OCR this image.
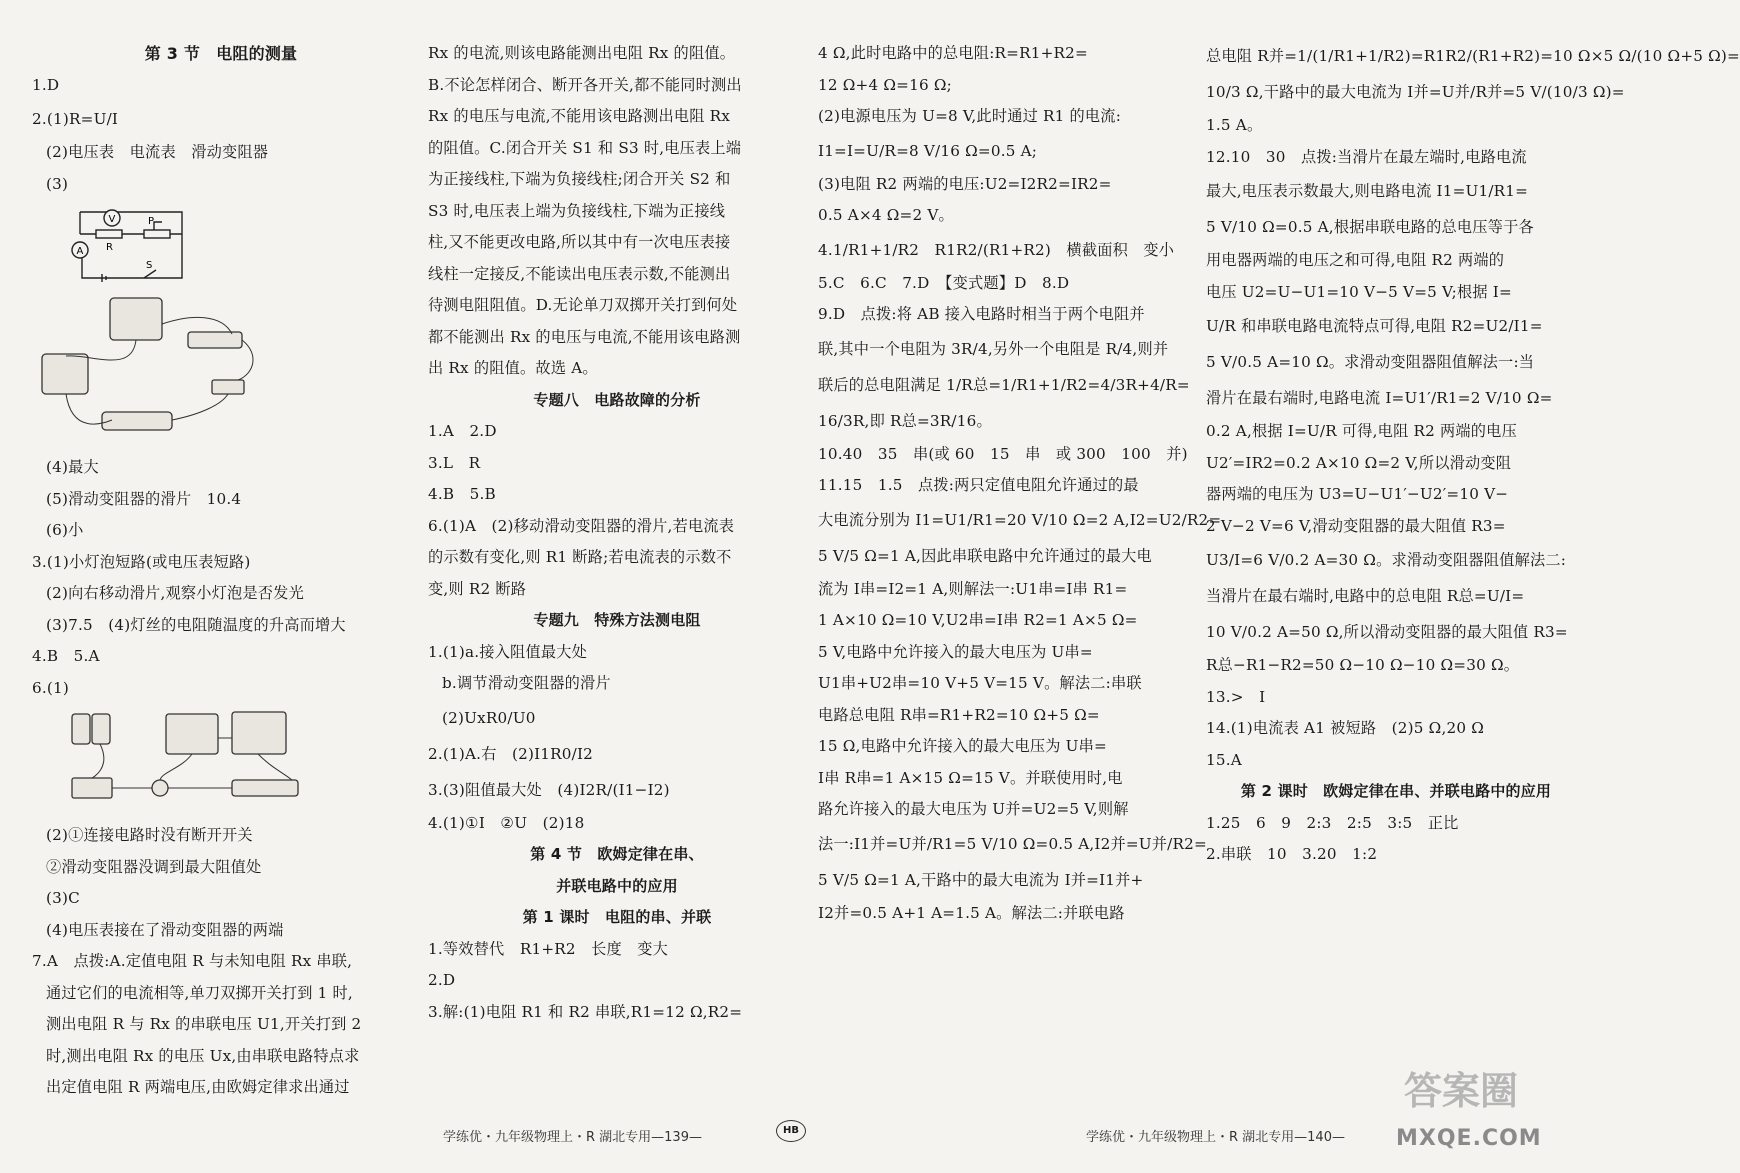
第 3 节　电阻的测量
1.D
2.(1)R=U/I
(2)电压表　电流表　滑动变阻器
(3)
V	P
R
A
S
(4)最大
(5)滑动变阻器的滑片　10.4
(6)小
3.(1)小灯泡短路(或电压表短路)
(2)向右移动滑片,观察小灯泡是否发光
(3)7.5　(4)灯丝的电阻随温度的升高而增大
4.B　5.A
6.(1)
(2)①连接电路时没有断开开关
②滑动变阻器没调到最大阻值处
(3)C
(4)电压表接在了滑动变阻器的两端
7.A　点拨:A.定值电阻 R 与未知电阻 Rx 串联,
通过它们的电流相等,单刀双掷开关打到 1 时,
测出电阻 R 与 Rx 的串联电压 U1,开关打到 2
时,测出电阻 Rx 的电压 Ux,由串联电路特点求
出定值电阻 R 两端电压,由欧姆定律求出通过
Rx 的电流,则该电路能测出电阻 Rx 的阻值。
B.不论怎样闭合、断开各开关,都不能同时测出
Rx 的电压与电流,不能用该电路测出电阻 Rx
的阻值。C.闭合开关 S1 和 S3 时,电压表上端
为正接线柱,下端为负接线柱;闭合开关 S2 和
S3 时,电压表上端为负接线柱,下端为正接线
柱,又不能更改电路,所以其中有一次电压表接
线柱一定接反,不能读出电压表示数,不能测出
待测电阻阻值。D.无论单刀双掷开关打到何处
都不能测出 Rx 的电压与电流,不能用该电路测
出 Rx 的阻值。故选 A。
专题八　电路故障的分析
1.A　2.D
3.L　R
4.B　5.B
6.(1)A　(2)移动滑动变阻器的滑片,若电流表
的示数有变化,则 R1 断路;若电流表的示数不
变,则 R2 断路
专题九　特殊方法测电阻
1.(1)a.接入阻值最大处
b.调节滑动变阻器的滑片
(2)UxR0/U0
2.(1)A.右　(2)I1R0/I2
3.(3)阻值最大处　(4)I2R/(I1−I2)
4.(1)①I　②U　(2)18
第 4 节　欧姆定律在串、
并联电路中的应用
第 1 课时　电阻的串、并联
1.等效替代　R1+R2　长度　变大
2.D
3.解:(1)电阻 R1 和 R2 串联,R1=12 Ω,R2=
4 Ω,此时电路中的总电阻:R=R1+R2=
12 Ω+4 Ω=16 Ω;
(2)电源电压为 U=8 V,此时通过 R1 的电流:
I1=I=U/R=8 V/16 Ω=0.5 A;
(3)电阻 R2 两端的电压:U2=I2R2=IR2=
0.5 A×4 Ω=2 V。
4.1/R1+1/R2　R1R2/(R1+R2)　横截面积　变小
5.C　6.C　7.D　【变式题】D　8.D
9.D　点拨:将 AB 接入电路时相当于两个电阻并
联,其中一个电阻为 3R/4,另外一个电阻是 R/4,则并
联后的总电阻满足 1/R总=1/R1+1/R2=4/3R+4/R=
16/3R,即 R总=3R/16。
10.40　35　串(或 60　15　串　或 300　100　并)
11.15　1.5　点拨:两只定值电阻允许通过的最
大电流分别为 I1=U1/R1=20 V/10 Ω=2 A,I2=U2/R2=
5 V/5 Ω=1 A,因此串联电路中允许通过的最大电
流为 I串=I2=1 A,则解法一:U1串=I串 R1=
1 A×10 Ω=10 V,U2串=I串 R2=1 A×5 Ω=
5 V,电路中允许接入的最大电压为 U串=
U1串+U2串=10 V+5 V=15 V。解法二:串联
电路总电阻 R串=R1+R2=10 Ω+5 Ω=
15 Ω,电路中允许接入的最大电压为 U串=
I串 R串=1 A×15 Ω=15 V。并联使用时,电
路允许接入的最大电压为 U并=U2=5 V,则解
法一:I1并=U并/R1=5 V/10 Ω=0.5 A,I2并=U并/R2=
5 V/5 Ω=1 A,干路中的最大电流为 I并=I1并+
I2并=0.5 A+1 A=1.5 A。解法二:并联电路
总电阻 R并=1/(1/R1+1/R2)=R1R2/(R1+R2)=10 Ω×5 Ω/(10 Ω+5 Ω)=
10/3 Ω,干路中的最大电流为 I并=U并/R并=5 V/(10/3 Ω)=
1.5 A。
12.10　30　点拨:当滑片在最左端时,电路电流
最大,电压表示数最大,则电路电流 I1=U1/R1=
5 V/10 Ω=0.5 A,根据串联电路的总电压等于各
用电器两端的电压之和可得,电阻 R2 两端的
电压 U2=U−U1=10 V−5 V=5 V;根据 I=
U/R 和串联电路电流特点可得,电阻 R2=U2/I1=
5 V/0.5 A=10 Ω。求滑动变阻器阻值解法一:当
滑片在最右端时,电路电流 I=U1′/R1=2 V/10 Ω=
0.2 A,根据 I=U/R 可得,电阻 R2 两端的电压
U2′=IR2=0.2 A×10 Ω=2 V,所以滑动变阻
器两端的电压为 U3=U−U1′−U2′=10 V−
2 V−2 V=6 V,滑动变阻器的最大阻值 R3=
U3/I=6 V/0.2 A=30 Ω。求滑动变阻器阻值解法二:
当滑片在最右端时,电路中的总电阻 R总=U/I=
10 V/0.2 A=50 Ω,所以滑动变阻器的最大阻值 R3=
R总−R1−R2=50 Ω−10 Ω−10 Ω=30 Ω。
13.>　I
14.(1)电流表 A1 被短路　(2)5 Ω,20 Ω
15.A
第 2 课时　欧姆定律在串、并联电路中的应用
1.25　6　9　2:3　2:5　3:5　正比
2.串联　10　3.20　1:2
学练优・九年级物理上・R 湖北专用—139—	HB	学练优・九年级物理上・R 湖北专用—140—
答案圈
MXQE.COM
